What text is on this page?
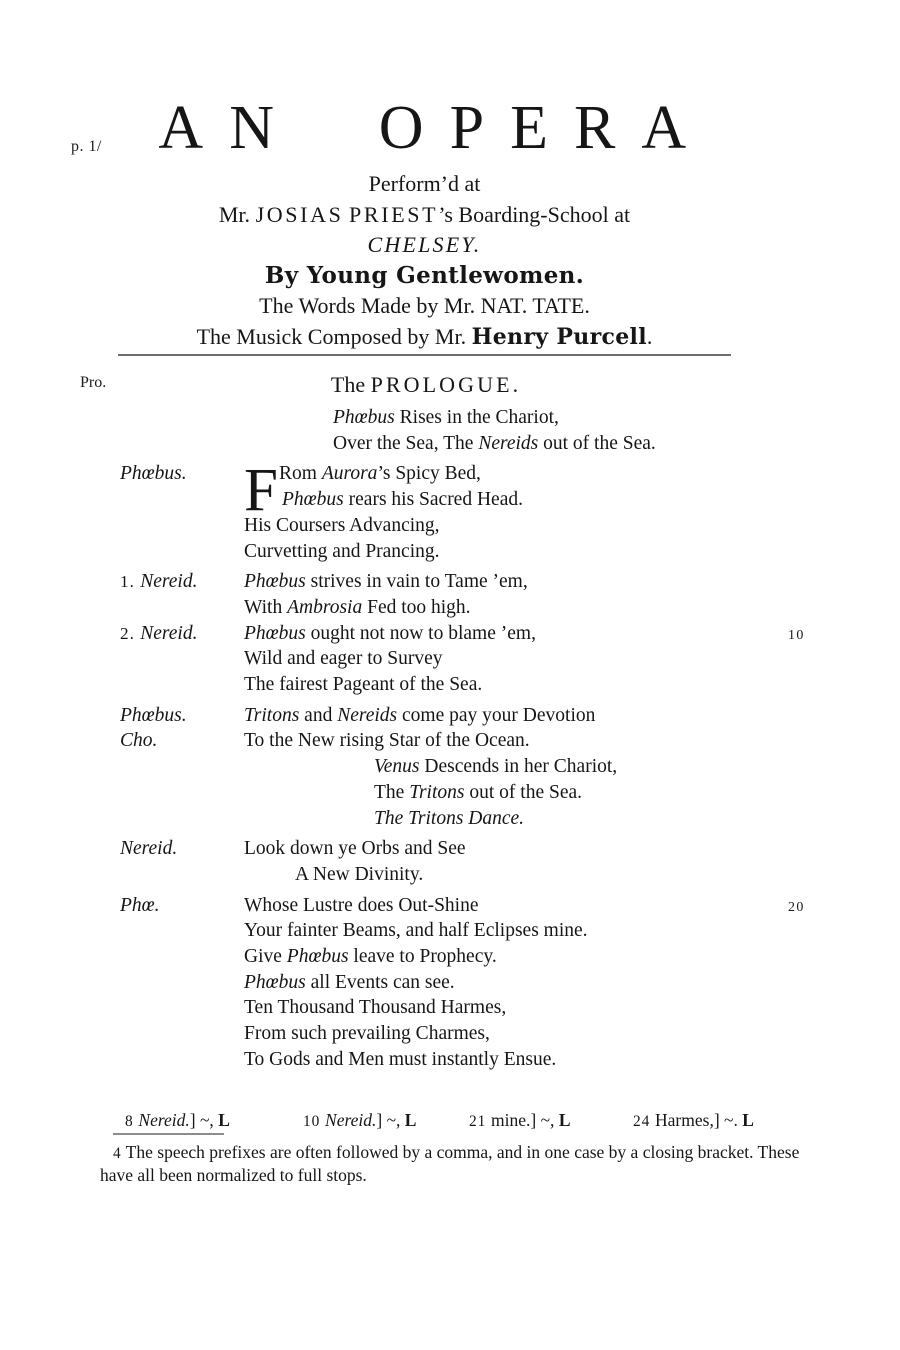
p. 1/
Pro.
AN OPERA
Perform’d at
Mr. JOSIAS PRIEST’s Boarding-School at
CHELSEY.
By Young Gentlewomen.
The Words Made by Mr. NAT. TATE.
The Musick Composed by Mr. Henry Purcell.
The PROLOGUE.
Phœbus Rises in the Chariot,
Over the Sea, The Nereids out of the Sea.
F
Phœbus.	Rom Aurora’s Spicy Bed,
Phœbus rears his Sacred Head.
His Coursers Advancing,
Curvetting and Prancing.
1. Nereid. Phœbus strives in vain to Tame ’em,
With Ambrosia Fed too high.
2. Nereid. Phœbus ought not now to blame ’em,	10
Wild and eager to Survey
The fairest Pageant of the Sea.
Phœbus.	Tritons and Nereids come pay your Devotion
Cho.	To the New rising Star of the Ocean.
Venus Descends in her Chariot,
The Tritons out of the Sea.
The Tritons Dance.
Nereid.	Look down ye Orbs and See
A New Divinity.
Phœ.	Whose Lustre does Out-Shine	20
Your fainter Beams, and half Eclipses mine.
Give Phœbus leave to Prophecy.
Phœbus all Events can see.
Ten Thousand Thousand Harmes,
From such prevailing Charmes,
To Gods and Men must instantly Ensue.
8 Nereid.] ~, L	10 Nereid.] ~, L	21 mine.] ~, L	24 Harmes,] ~. L
4 The speech prefixes are often followed by a comma, and in one case by a closing bracket. These have all been normalized to full stops.
